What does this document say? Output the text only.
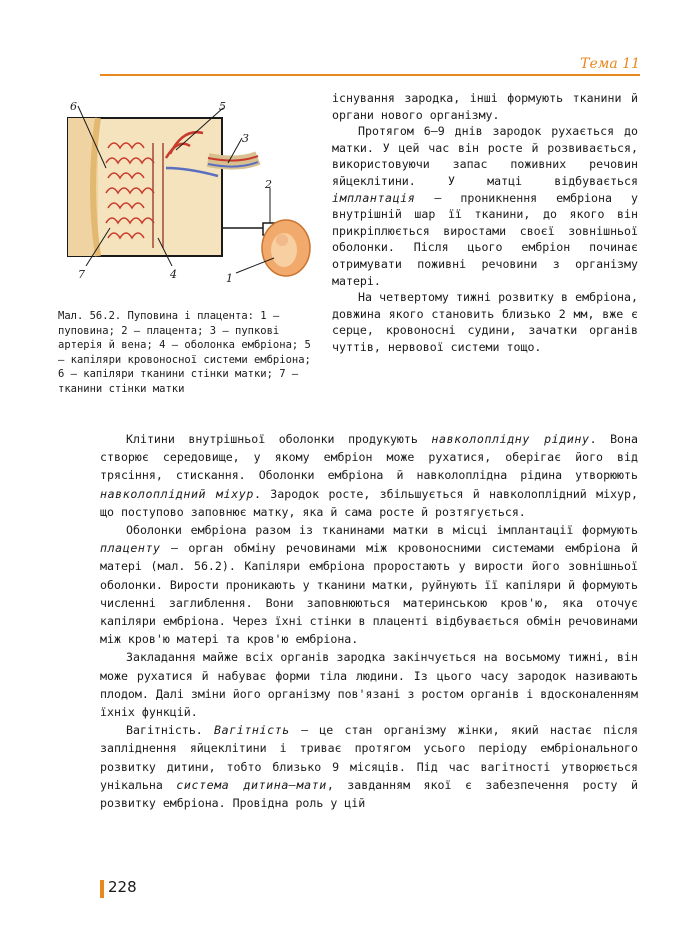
Тема 11
6	5
3
2
7	4	1
Мал. 56.2. Пуповина і плацента: 1 — пуповина; 2 — плацента; 3 — пупкові артерія й вена; 4 — оболонка ембріона; 5 — капіляри кровоносної системи ембріона; 6 — капіляри тканини стінки матки; 7 — тканини стінки матки

існування зародка, інші формують тканини й органи нового організму.

Протягом 6–9 днів зародок рухається до матки. У цей час він росте й розвивається, використовуючи запас поживних речовин яйцеклітини. У матці відбувається імплантація — проникнення ембріона у внутрішній шар її тканини, до якого він прикріплюється виростами своєї зовнішньої оболонки. Після цього ембріон починає отримувати поживні речовини з організму матері.

На четвертому тижні розвитку в ембріона, довжина якого становить близько 2 мм, вже є серце, кровоносні судини, зачатки органів чуттів, нервової системи тощо.

Клітини внутрішньої оболонки продукують навколоплідну рідину. Вона створює середовище, у якому ембріон може рухатися, оберігає його від трясіння, стискання. Оболонки ембріона й навколоплідна рідина утворюють навколоплідний міхур. Зародок росте, збільшується й навколоплідний міхур, що поступово заповнює матку, яка й сама росте й розтягується.

Оболонки ембріона разом із тканинами матки в місці імплантації формують плаценту — орган обміну речовинами між кровоносними системами ембріона й матері (мал. 56.2). Капіляри ембріона проростають у вирости його зовнішньої оболонки. Вирости проникають у тканини матки, руйнують її капіляри й формують численні заглиблення. Вони заповнюються материнською кров'ю, яка оточує капіляри ембріона. Через їхні стінки в плаценті відбувається обмін речовинами між кров'ю матері та кров'ю ембріона.

Закладання майже всіх органів зародка закінчується на восьмому тижні, він може рухатися й набуває форми тіла людини. Із цього часу зародок називають плодом. Далі зміни його організму пов'язані з ростом органів і вдосконаленням їхніх функцій.

Вагітність. Вагітність — це стан організму жінки, який настає після запліднення яйцеклітини і триває протягом усього періоду ембріонального розвитку дитини, тобто близько 9 місяців. Під час вагітності утворюється унікальна система дитина–мати, завданням якої є забезпечення росту й розвитку ембріона. Провідна роль у цій

228
